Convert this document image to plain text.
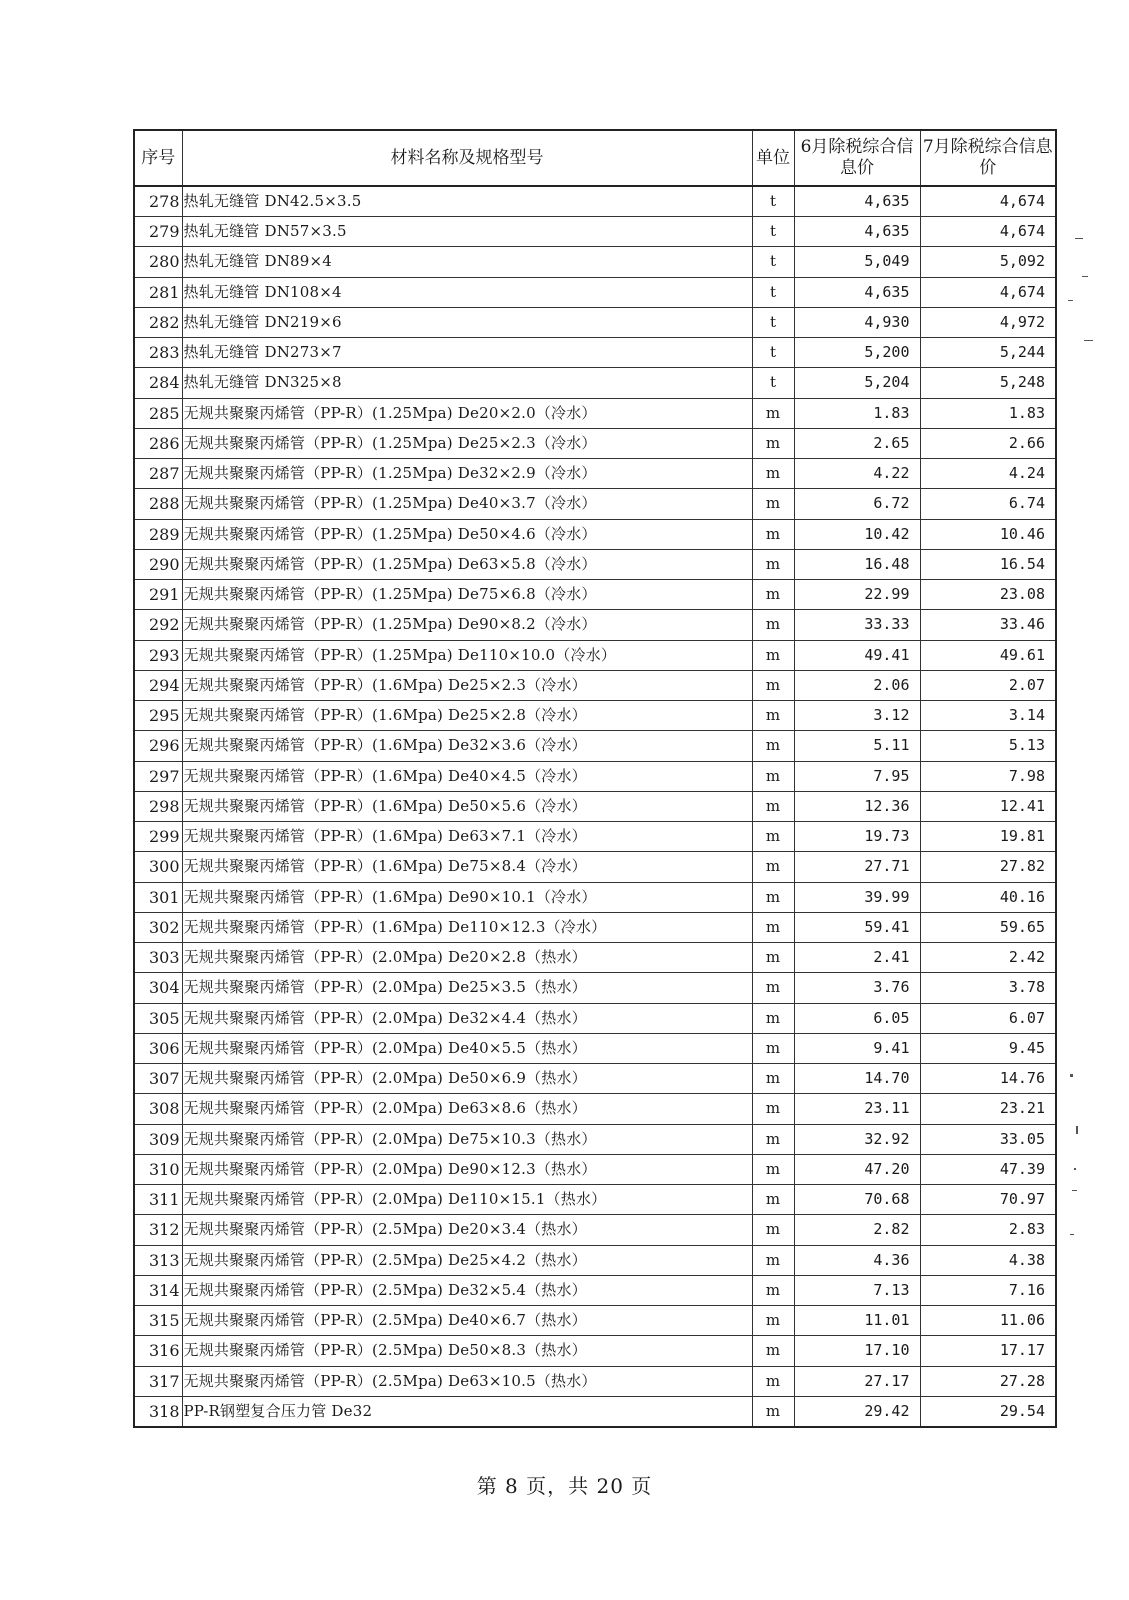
序号	材料名称及规格型号	单位	6月除税综合信息价	7月除税综合信息价
278	热轧无缝管 DN42.5×3.5	t	4,635	4,674
279	热轧无缝管 DN57×3.5	t	4,635	4,674
280	热轧无缝管 DN89×4	t	5,049	5,092
281	热轧无缝管 DN108×4	t	4,635	4,674
282	热轧无缝管 DN219×6	t	4,930	4,972
283	热轧无缝管 DN273×7	t	5,200	5,244
284	热轧无缝管 DN325×8	t	5,204	5,248
285	无规共聚聚丙烯管（PP-R）(1.25Mpa) De20×2.0（冷水）	m	1.83	1.83
286	无规共聚聚丙烯管（PP-R）(1.25Mpa) De25×2.3（冷水）	m	2.65	2.66
287	无规共聚聚丙烯管（PP-R）(1.25Mpa) De32×2.9（冷水）	m	4.22	4.24
288	无规共聚聚丙烯管（PP-R）(1.25Mpa) De40×3.7（冷水）	m	6.72	6.74
289	无规共聚聚丙烯管（PP-R）(1.25Mpa) De50×4.6（冷水）	m	10.42	10.46
290	无规共聚聚丙烯管（PP-R）(1.25Mpa) De63×5.8（冷水）	m	16.48	16.54
291	无规共聚聚丙烯管（PP-R）(1.25Mpa) De75×6.8（冷水）	m	22.99	23.08
292	无规共聚聚丙烯管（PP-R）(1.25Mpa) De90×8.2（冷水）	m	33.33	33.46
293	无规共聚聚丙烯管（PP-R）(1.25Mpa) De110×10.0（冷水）	m	49.41	49.61
294	无规共聚聚丙烯管（PP-R）(1.6Mpa) De25×2.3（冷水）	m	2.06	2.07
295	无规共聚聚丙烯管（PP-R）(1.6Mpa) De25×2.8（冷水）	m	3.12	3.14
296	无规共聚聚丙烯管（PP-R）(1.6Mpa) De32×3.6（冷水）	m	5.11	5.13
297	无规共聚聚丙烯管（PP-R）(1.6Mpa) De40×4.5（冷水）	m	7.95	7.98
298	无规共聚聚丙烯管（PP-R）(1.6Mpa) De50×5.6（冷水）	m	12.36	12.41
299	无规共聚聚丙烯管（PP-R）(1.6Mpa) De63×7.1（冷水）	m	19.73	19.81
300	无规共聚聚丙烯管（PP-R）(1.6Mpa) De75×8.4（冷水）	m	27.71	27.82
301	无规共聚聚丙烯管（PP-R）(1.6Mpa) De90×10.1（冷水）	m	39.99	40.16
302	无规共聚聚丙烯管（PP-R）(1.6Mpa) De110×12.3（冷水）	m	59.41	59.65
303	无规共聚聚丙烯管（PP-R）(2.0Mpa) De20×2.8（热水）	m	2.41	2.42
304	无规共聚聚丙烯管（PP-R）(2.0Mpa) De25×3.5（热水）	m	3.76	3.78
305	无规共聚聚丙烯管（PP-R）(2.0Mpa) De32×4.4（热水）	m	6.05	6.07
306	无规共聚聚丙烯管（PP-R）(2.0Mpa) De40×5.5（热水）	m	9.41	9.45
307	无规共聚聚丙烯管（PP-R）(2.0Mpa) De50×6.9（热水）	m	14.70	14.76
308	无规共聚聚丙烯管（PP-R）(2.0Mpa) De63×8.6（热水）	m	23.11	23.21
309	无规共聚聚丙烯管（PP-R）(2.0Mpa) De75×10.3（热水）	m	32.92	33.05
310	无规共聚聚丙烯管（PP-R）(2.0Mpa) De90×12.3（热水）	m	47.20	47.39
311	无规共聚聚丙烯管（PP-R）(2.0Mpa) De110×15.1（热水）	m	70.68	70.97
312	无规共聚聚丙烯管（PP-R）(2.5Mpa) De20×3.4（热水）	m	2.82	2.83
313	无规共聚聚丙烯管（PP-R）(2.5Mpa) De25×4.2（热水）	m	4.36	4.38
314	无规共聚聚丙烯管（PP-R）(2.5Mpa) De32×5.4（热水）	m	7.13	7.16
315	无规共聚聚丙烯管（PP-R）(2.5Mpa) De40×6.7（热水）	m	11.01	11.06
316	无规共聚聚丙烯管（PP-R）(2.5Mpa) De50×8.3（热水）	m	17.10	17.17
317	无规共聚聚丙烯管（PP-R）(2.5Mpa) De63×10.5（热水）	m	27.17	27.28
318	PP-R钢塑复合压力管 De32	m	29.42	29.54
第 8 页，共 20 页
